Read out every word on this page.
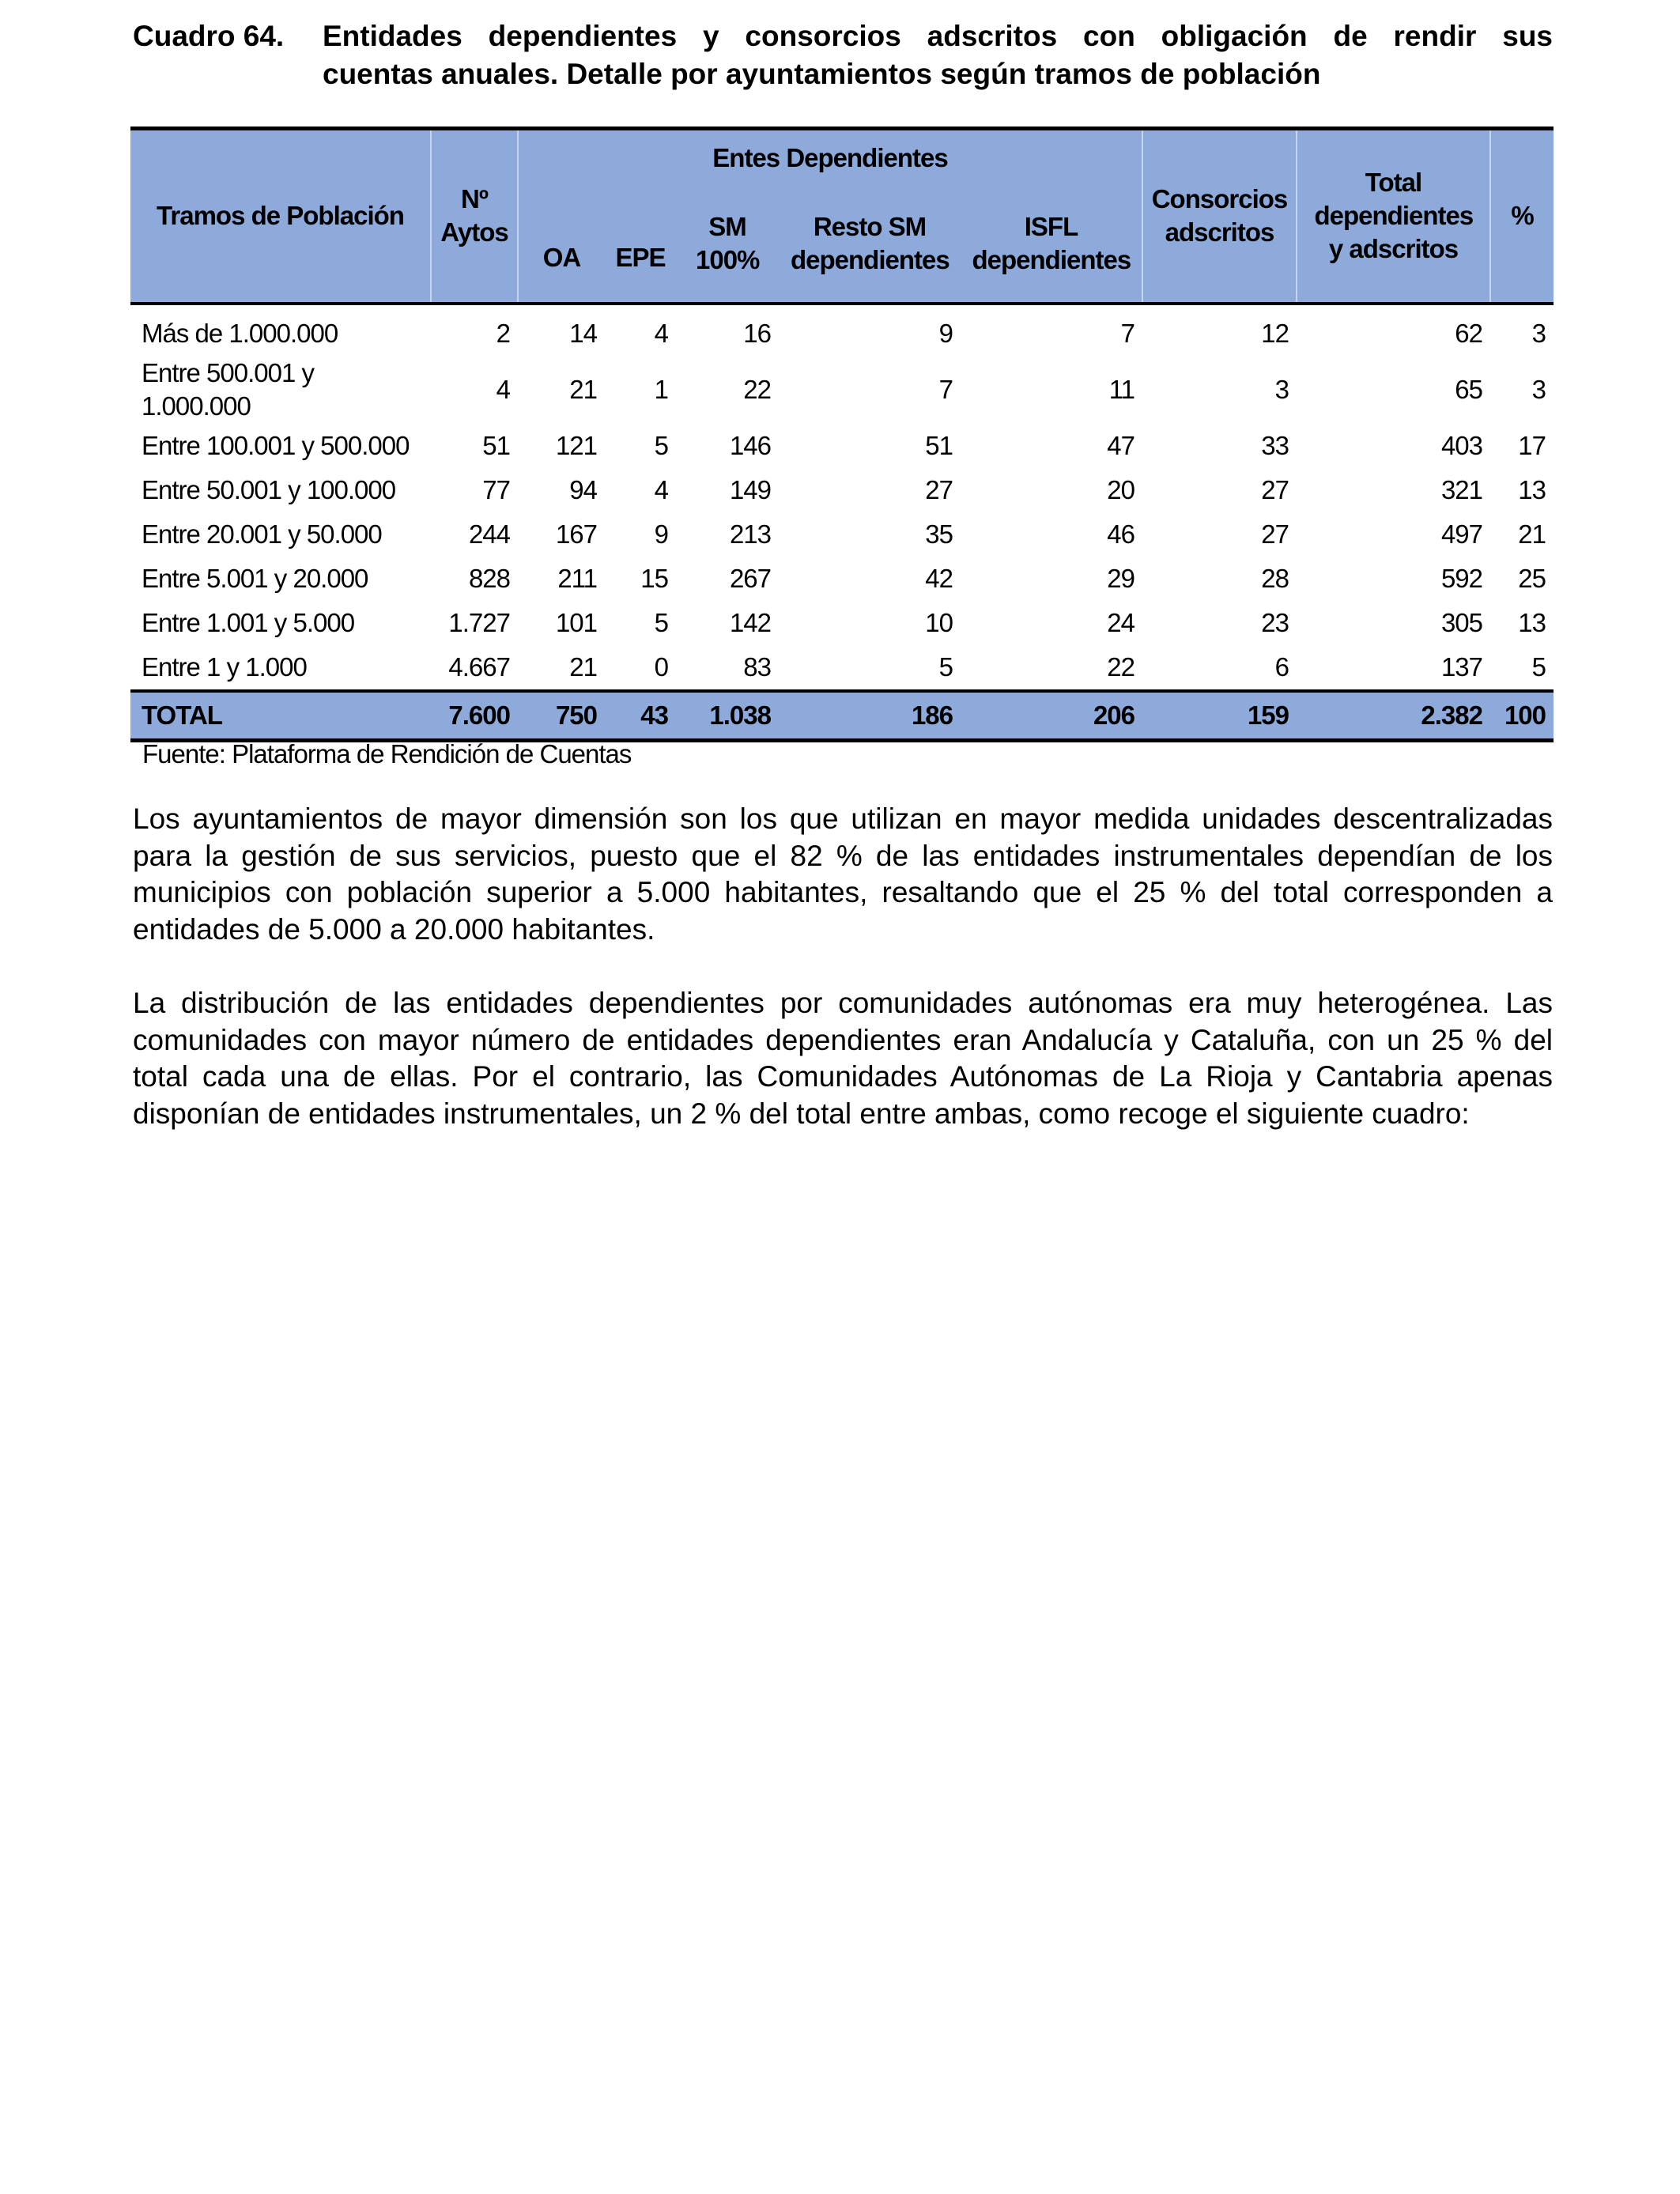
Cuadro 64. Entidades dependientes y consorcios adscritos con obligación de rendir sus
cuentas anuales. Detalle por ayuntamientos según tramos de población
Tramos de Población	Nº Aytos	Entes Dependientes					Consorcios adscritos	Total dependientes y adscritos	%
		OA	EPE	SM 100%	Resto SM dependientes	ISFL dependientes			

Más de 1.000.000	2	14	4	16	9	7	12	62	3

Entre 500.001 y 1.000.000	4	21	1	22	7	11	3	65	3
Entre 100.001 y 500.000	51	121	5	146	51	47	33	403	17
Entre 50.001 y 100.000	77	94	4	149	27	20	27	321	13
Entre 20.001 y 50.000	244	167	9	213	35	46	27	497	21
Entre 5.001 y 20.000	828	211	15	267	42	29	28	592	25
Entre 1.001 y 5.000	1.727	101	5	142	10	24	23	305	13
Entre 1 y 1.000	4.667	21	0	83	5	22	6	137	5
TOTAL	7.600	750	43	1.038	186	206	159	2.382	100
Fuente: Plataforma de Rendición de Cuentas

Los ayuntamientos de mayor dimensión son los que utilizan en mayor medida unidades descentralizadas para la gestión de sus servicios, puesto que el 82 % de las entidades instrumentales dependían de los municipios con población superior a 5.000 habitantes, resaltando que el 25 % del total corresponden a entidades de 5.000 a 20.000 habitantes.

La distribución de las entidades dependientes por comunidades autónomas era muy heterogénea. Las comunidades con mayor número de entidades dependientes eran Andalucía y Cataluña, con un 25 % del total cada una de ellas. Por el contrario, las Comunidades Autónomas de La Rioja y Cantabria apenas disponían de entidades instrumentales, un 2 % del total entre ambas, como recoge el siguiente cuadro:
